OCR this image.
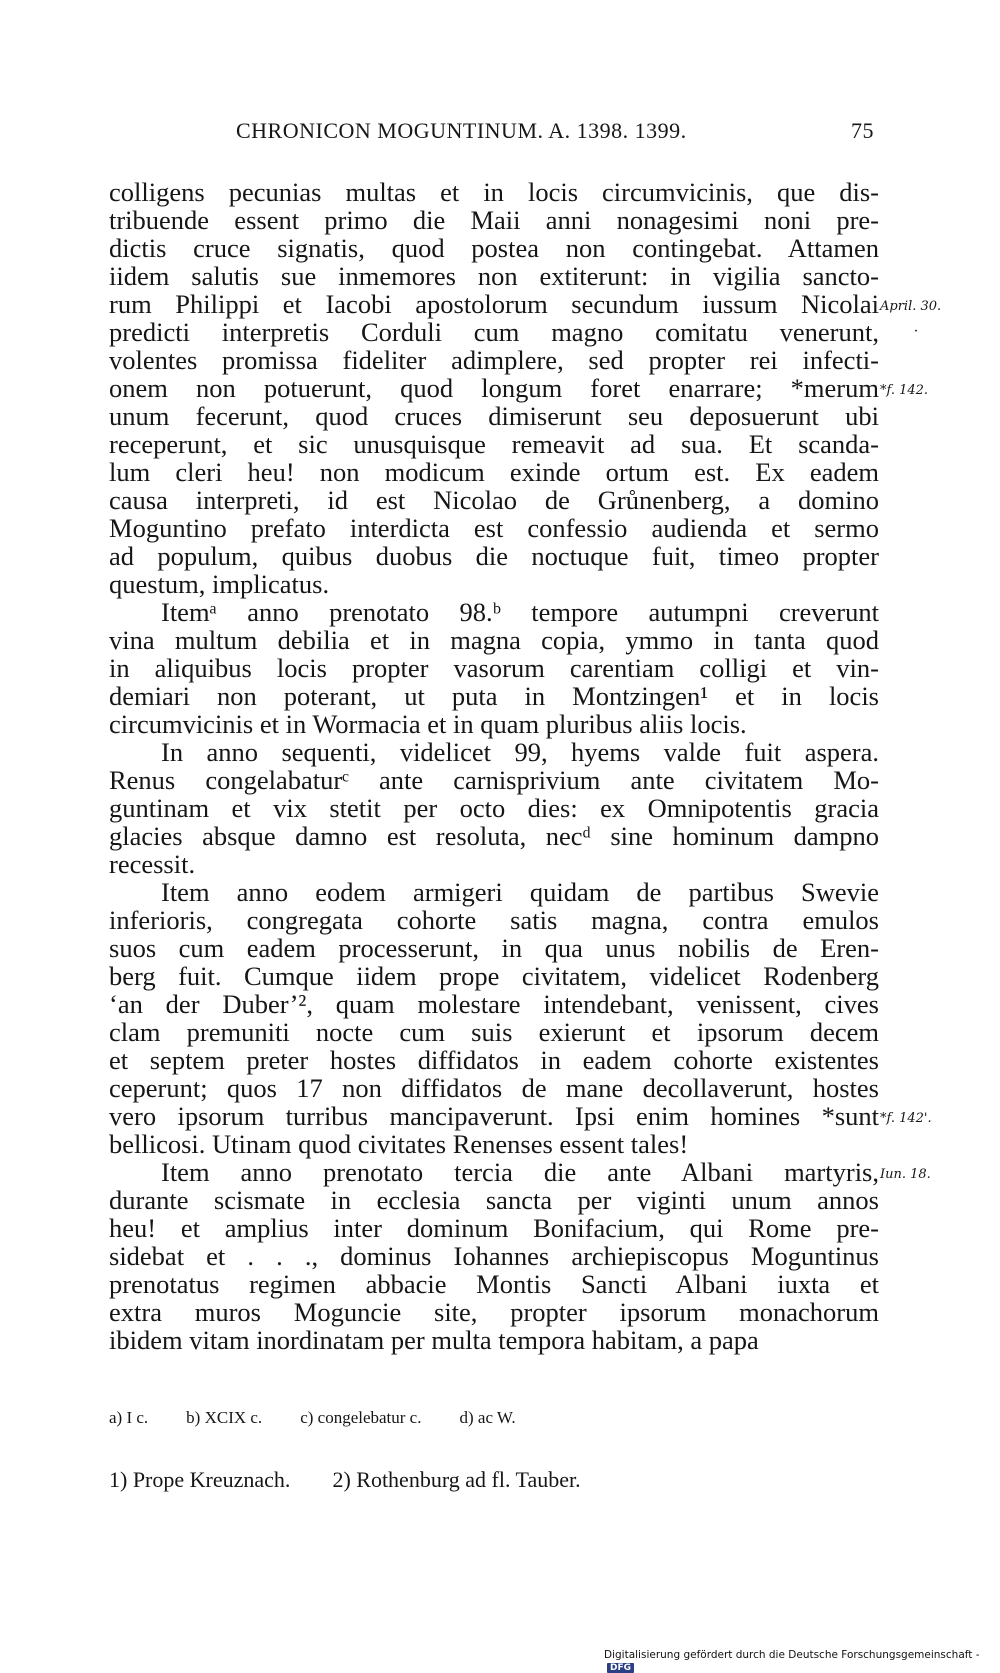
CHRONICON MOGUNTINUM. A. 1398. 1399.	75
colligens pecunias multas et in locis circumvicinis, que dis-
tribuende essent primo die Maii anni nonagesimi noni pre-
dictis cruce signatis, quod postea non contingebat. Attamen
iidem salutis sue inmemores non extiterunt: in vigilia sancto-
rum Philippi et Iacobi apostolorum secundum iussum Nicolai
predicti interpretis Corduli cum magno comitatu venerunt,
volentes promissa fideliter adimplere, sed propter rei infecti-
onem non potuerunt, quod longum foret enarrare; *merum
unum fecerunt, quod cruces dimiserunt seu deposuerunt ubi
receperunt, et sic unusquisque remeavit ad sua. Et scanda-
lum cleri heu! non modicum exinde ortum est. Ex eadem
causa interpreti, id est Nicolao de Grůnenberg, a domino
Moguntino prefato interdicta est confessio audienda et sermo
ad populum, quibus duobus die noctuque fuit, timeo propter
questum, implicatus.
Itemᵃ anno prenotato 98.ᵇ tempore autumpni creverunt
vina multum debilia et in magna copia, ymmo in tanta quod
in aliquibus locis propter vasorum carentiam colligi et vin-
demiari non poterant, ut puta in Montzingen¹ et in locis
circumvicinis et in Wormacia et in quam pluribus aliis locis.
In anno sequenti, videlicet 99, hyems valde fuit aspera.
Renus congelabaturᶜ ante carnisprivium ante civitatem Mo-
guntinam et vix stetit per octo dies: ex Omnipotentis gracia
glacies absque damno est resoluta, necᵈ sine hominum dampno
recessit.
Item anno eodem armigeri quidam de partibus Swevie
inferioris, congregata cohorte satis magna, contra emulos
suos cum eadem processerunt, in qua unus nobilis de Eren-
berg fuit. Cumque iidem prope civitatem, videlicet Rodenberg
‘an der Duber’², quam molestare intendebant, venissent, cives
clam premuniti nocte cum suis exierunt et ipsorum decem
et septem preter hostes diffidatos in eadem cohorte existentes
ceperunt; quos 17 non diffidatos de mane decollaverunt, hostes
vero ipsorum turribus mancipaverunt. Ipsi enim homines *sunt
bellicosi. Utinam quod civitates Renenses essent tales!
Item anno prenotato tercia die ante Albani martyris,
durante scismate in ecclesia sancta per viginti unum annos
heu! et amplius inter dominum Bonifacium, qui Rome pre-
sidebat et . . ., dominus Iohannes archiepiscopus Moguntinus
prenotatus regimen abbacie Montis Sancti Albani iuxta et
extra muros Moguncie site, propter ipsorum monachorum
ibidem vitam inordinatam per multa tempora habitam, a papa
April. 30.
*f. 142.
*f. 142'.
Iun. 18.
˙
a) I c. b) XCIX c. c) congelebatur c. d) ac W.
1) Prope Kreuznach. 2) Rothenburg ad fl. Tauber.
Digitalisierung gefördert durch die Deutsche Forschungsgemeinschaft - DFG
